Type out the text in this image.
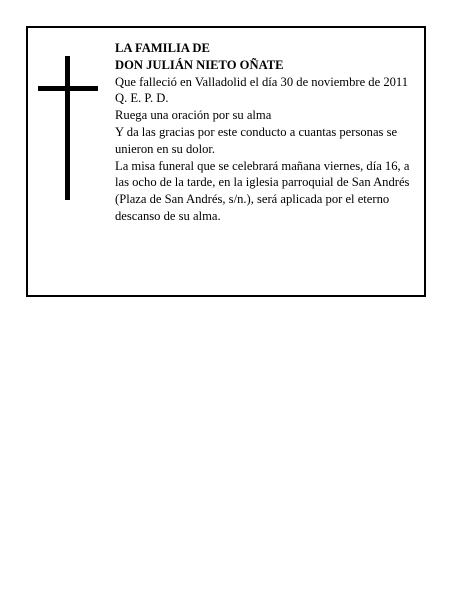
LA FAMILIA DE

DON JULIÁN NIETO OÑATE

Que falleció en Valladolid el día 30 de noviembre de 2011

Q. E. P. D.

Ruega una oración por su alma

Y da las gracias por este conducto a cuantas personas se unieron en su dolor.

La misa funeral que se celebrará mañana viernes, día 16, a las ocho de la tarde, en la iglesia parroquial de San Andrés (Plaza de San Andrés, s/n.), será aplicada por el eterno descanso de su alma.
